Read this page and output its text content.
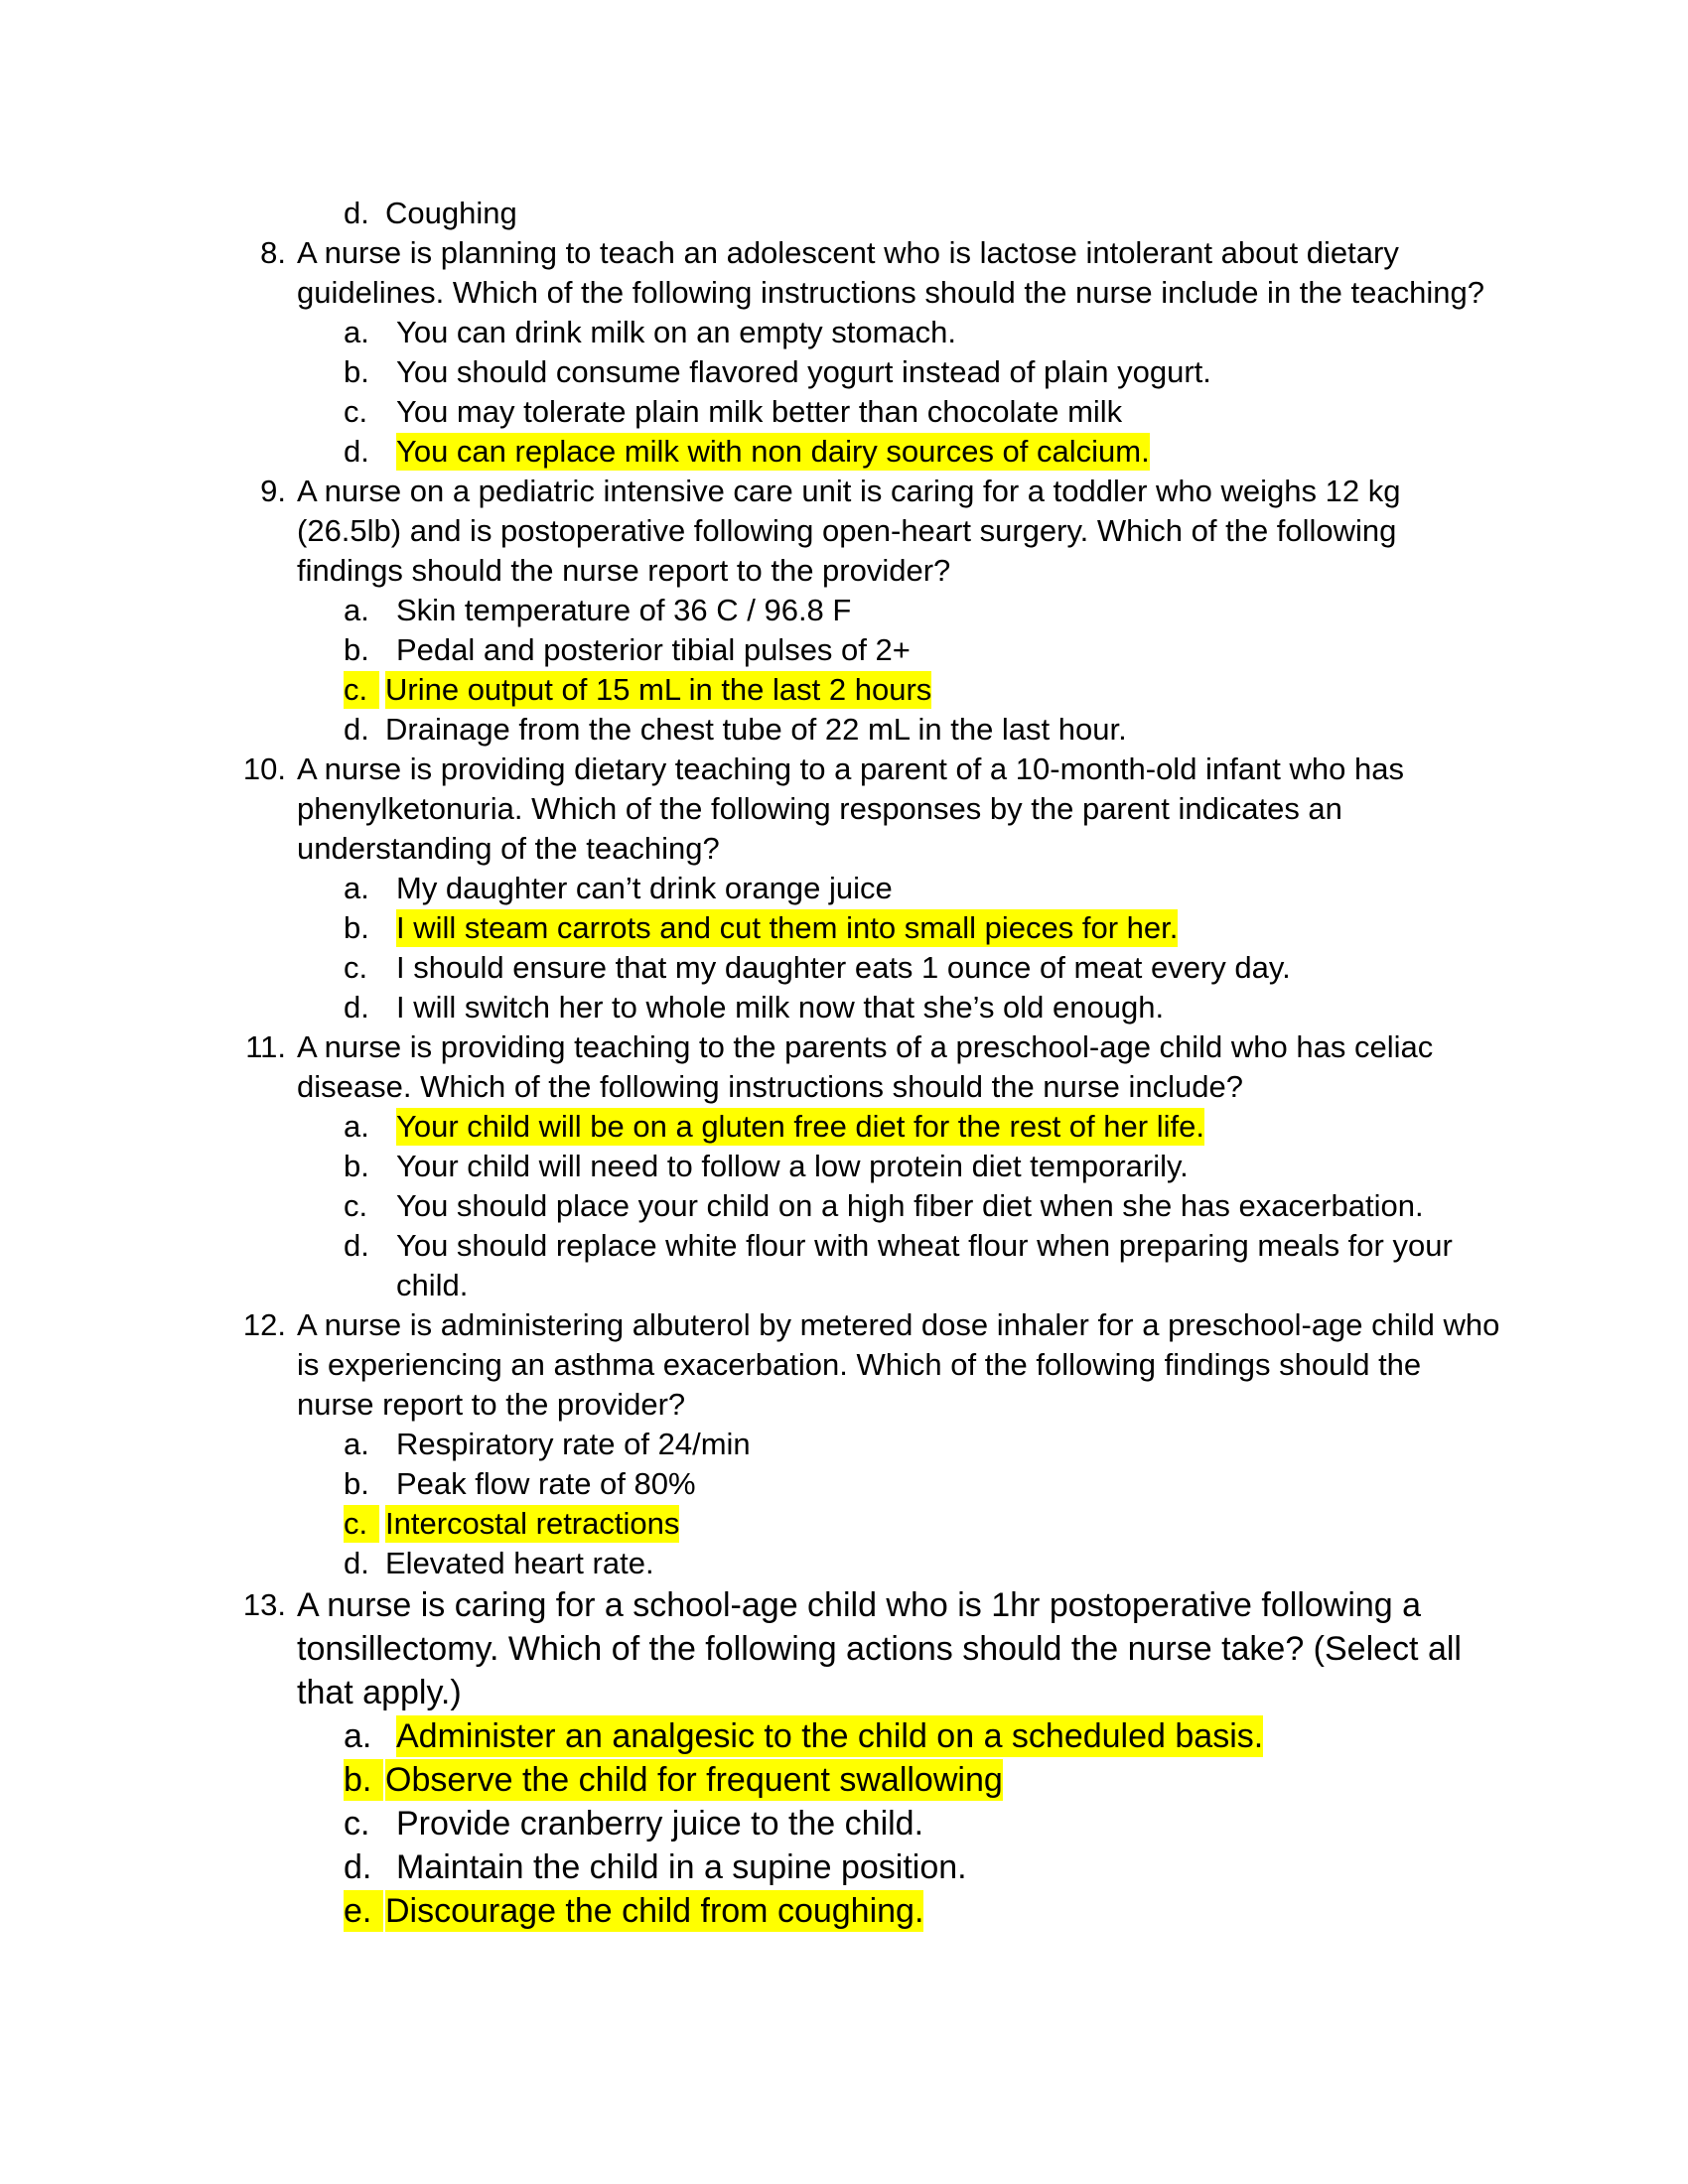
d. Coughing
8. A nurse is planning to teach an adolescent who is lactose intolerant about dietary
guidelines. Which of the following instructions should the nurse include in the teaching?
a. You can drink milk on an empty stomach.
b. You should consume flavored yogurt instead of plain yogurt.
c. You may tolerate plain milk better than chocolate milk
d. You can replace milk with non dairy sources of calcium.
9. A nurse on a pediatric intensive care unit is caring for a toddler who weighs 12 kg
(26.5lb) and is postoperative following open-heart surgery. Which of the following
findings should the nurse report to the provider?
a. Skin temperature of 36 C / 96.8 F
b. Pedal and posterior tibial pulses of 2+
c. Urine output of 15 mL in the last 2 hours
d. Drainage from the chest tube of 22 mL in the last hour.
10. A nurse is providing dietary teaching to a parent of a 10-month-old infant who has
phenylketonuria. Which of the following responses by the parent indicates an
understanding of the teaching?
a. My daughter can’t drink orange juice
b. I will steam carrots and cut them into small pieces for her.
c. I should ensure that my daughter eats 1 ounce of meat every day.
d. I will switch her to whole milk now that she’s old enough.
11. A nurse is providing teaching to the parents of a preschool-age child who has celiac
disease. Which of the following instructions should the nurse include?
a. Your child will be on a gluten free diet for the rest of her life.
b. Your child will need to follow a low protein diet temporarily.
c. You should place your child on a high fiber diet when she has exacerbation.
d. You should replace white flour with wheat flour when preparing meals for your
child.
12. A nurse is administering albuterol by metered dose inhaler for a preschool-age child who
is experiencing an asthma exacerbation. Which of the following findings should the
nurse report to the provider?
a. Respiratory rate of 24/min
b. Peak flow rate of 80%
c. Intercostal retractions
d. Elevated heart rate.
13. A nurse is caring for a school-age child who is 1hr postoperative following a
tonsillectomy. Which of the following actions should the nurse take? (Select all
that apply.)
a. Administer an analgesic to the child on a scheduled basis.
b. Observe the child for frequent swallowing
c. Provide cranberry juice to the child.
d. Maintain the child in a supine position.
e. Discourage the child from coughing.
